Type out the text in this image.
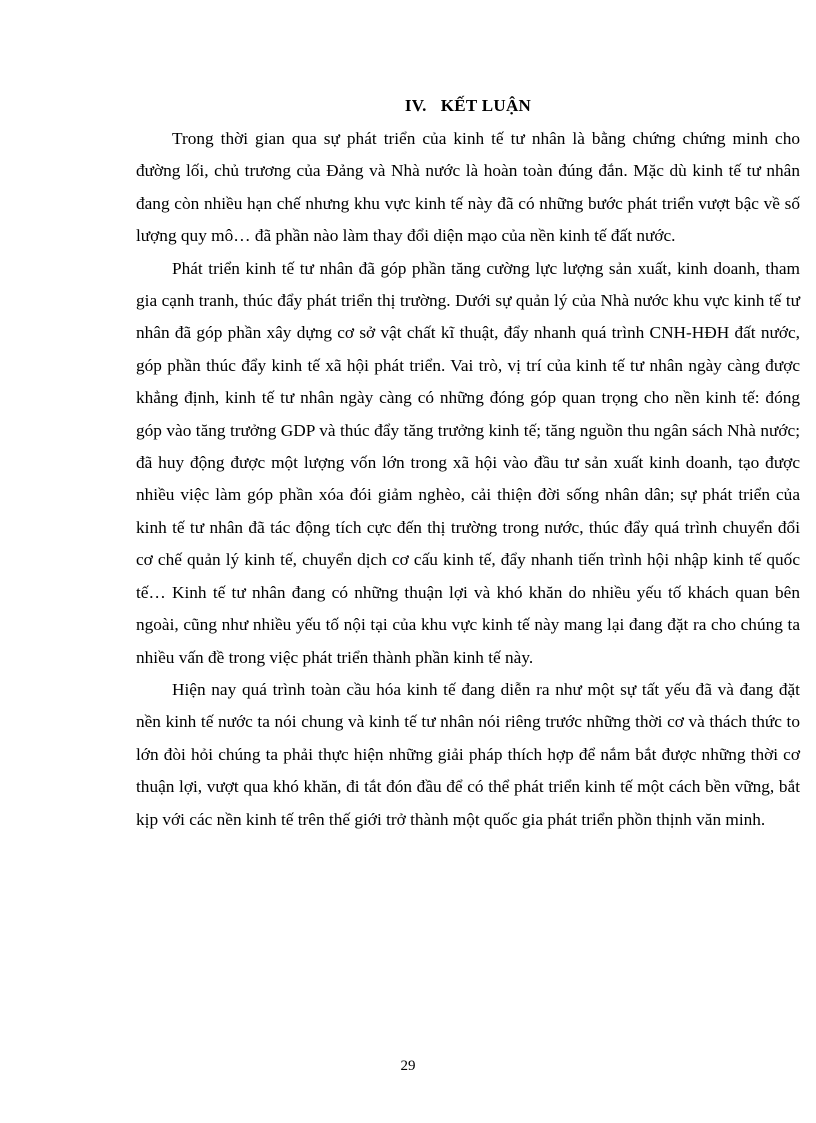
IV. KẾT LUẬN

Trong thời gian qua sự phát triển của kinh tế tư nhân là bằng chứng chứng minh cho đường lối, chủ trương của Đảng và Nhà nước là hoàn toàn đúng đắn. Mặc dù kinh tế tư nhân đang còn nhiều hạn chế nhưng khu vực kinh tế này đã có những bước phát triển vượt bậc về số lượng quy mô… đã phần nào làm thay đổi diện mạo của nền kinh tế đất nước.

Phát triển kinh tế tư nhân đã góp phần tăng cường lực lượng sản xuất, kinh doanh, tham gia cạnh tranh, thúc đẩy phát triển thị trường. Dưới sự quản lý của Nhà nước khu vực kinh tế tư nhân đã góp phần xây dựng cơ sở vật chất kĩ thuật, đẩy nhanh quá trình CNH-HĐH đất nước, góp phần thúc đẩy kinh tế xã hội phát triển. Vai trò, vị trí của kinh tế tư nhân ngày càng được khẳng định, kinh tế tư nhân ngày càng có những đóng góp quan trọng cho nền kinh tế: đóng góp vào tăng trưởng GDP và thúc đẩy tăng trưởng kinh tế; tăng nguồn thu ngân sách Nhà nước; đã huy động được một lượng vốn lớn trong xã hội vào đầu tư sản xuất kinh doanh, tạo được nhiều việc làm góp phần xóa đói giảm nghèo, cải thiện đời sống nhân dân; sự phát triển của kinh tế tư nhân đã tác động tích cực đến thị trường trong nước, thúc đẩy quá trình chuyển đổi cơ chế quản lý kinh tế, chuyển dịch cơ cấu kinh tế, đẩy nhanh tiến trình hội nhập kinh tế quốc tế… Kinh tế tư nhân đang có những thuận lợi và khó khăn do nhiều yếu tố khách quan bên ngoài, cũng như nhiều yếu tố nội tại của khu vực kinh tế này mang lại đang đặt ra cho chúng ta nhiều vấn đề trong việc phát triển thành phần kinh tế này.

Hiện nay quá trình toàn cầu hóa kinh tế đang diễn ra như một sự tất yếu đã và đang đặt nền kinh tế nước ta nói chung và kinh tế tư nhân nói riêng trước những thời cơ và thách thức to lớn đòi hỏi chúng ta phải thực hiện những giải pháp thích hợp để nắm bắt được những thời cơ thuận lợi, vượt qua khó khăn, đi tắt đón đầu để có thể phát triển kinh tế một cách bền vững, bắt kịp với các nền kinh tế trên thế giới trở thành một quốc gia phát triển phồn thịnh văn minh.

29
